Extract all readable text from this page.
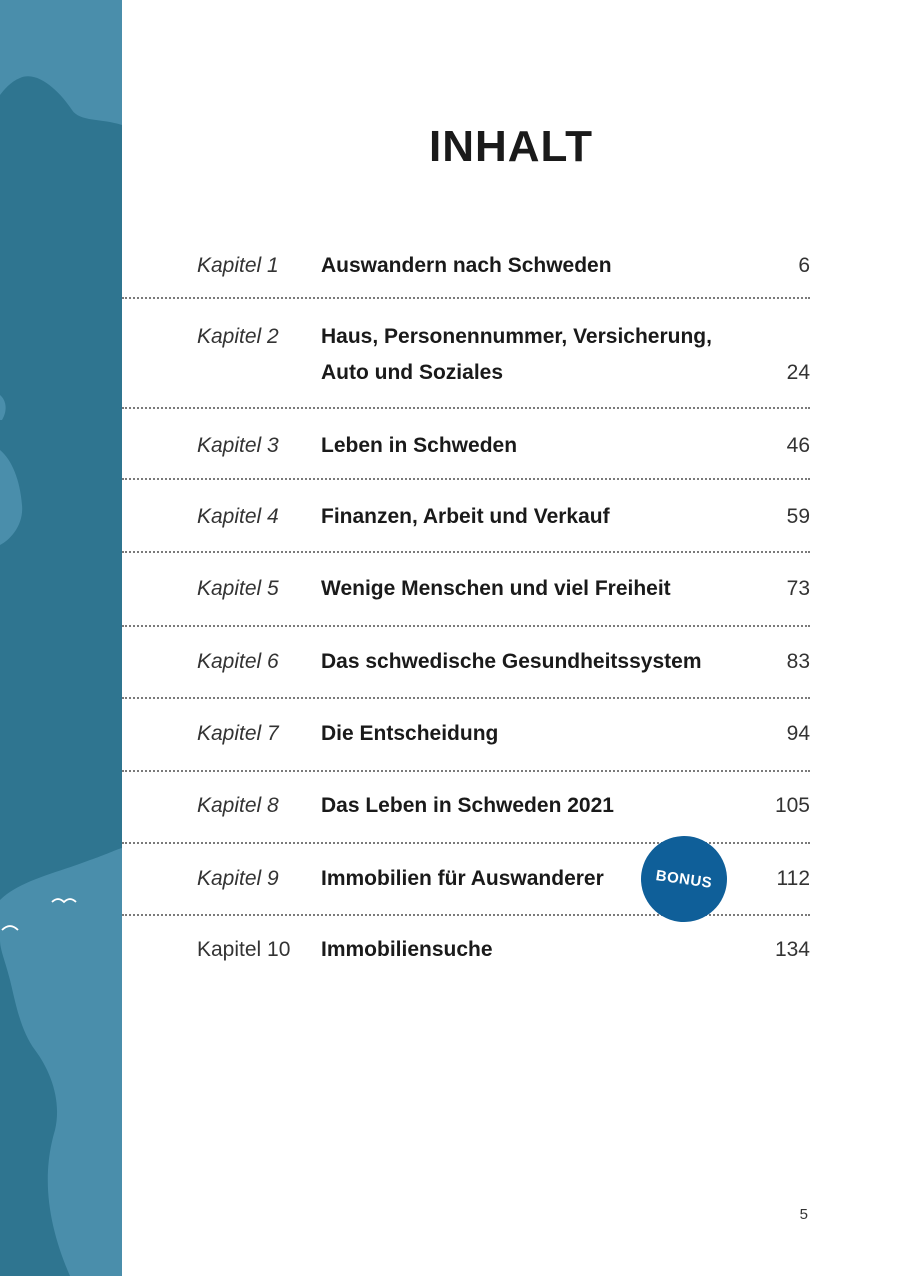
INHALT
Kapitel 1 Auswandern nach Schweden	6
Kapitel 2 Haus, Personennummer, Versicherung,
Auto und Soziales	24
Kapitel 3 Leben in Schweden	46
Kapitel 4 Finanzen, Arbeit und Verkauf	59
Kapitel 5 Wenige Menschen und viel Freiheit	73
Kapitel 6 Das schwedische Gesundheitssystem	83
Kapitel 7 Die Entscheidung	94
Kapitel 8 Das Leben in Schweden 2021	105
Kapitel 9 Immobilien für Auswanderer	112
Kapitel 10 Immobiliensuche	134
BONUS
5
